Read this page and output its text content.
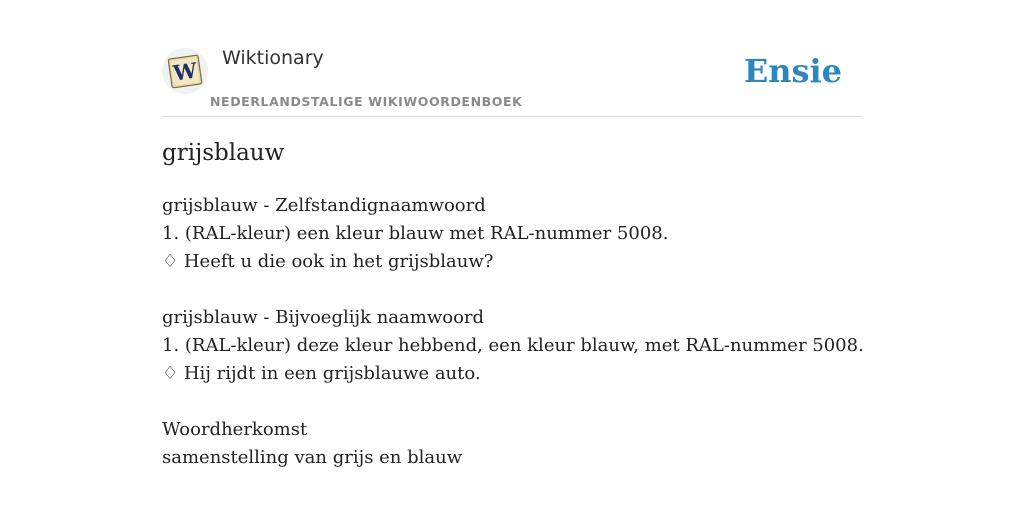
W Wiktionary
NEDERLANDSTALIGE WIKIWOORDENBOEK
Ensie
grijsblauw
grijsblauw - Zelfstandignaamwoord
1. (RAL-kleur) een kleur blauw met RAL-nummer 5008.
♢ Heeft u die ook in het grijsblauw?
grijsblauw - Bijvoeglijk naamwoord
1. (RAL-kleur) deze kleur hebbend, een kleur blauw, met RAL-nummer 5008.
♢ Hij rijdt in een grijsblauwe auto.
Woordherkomst
samenstelling van grijs en blauw
